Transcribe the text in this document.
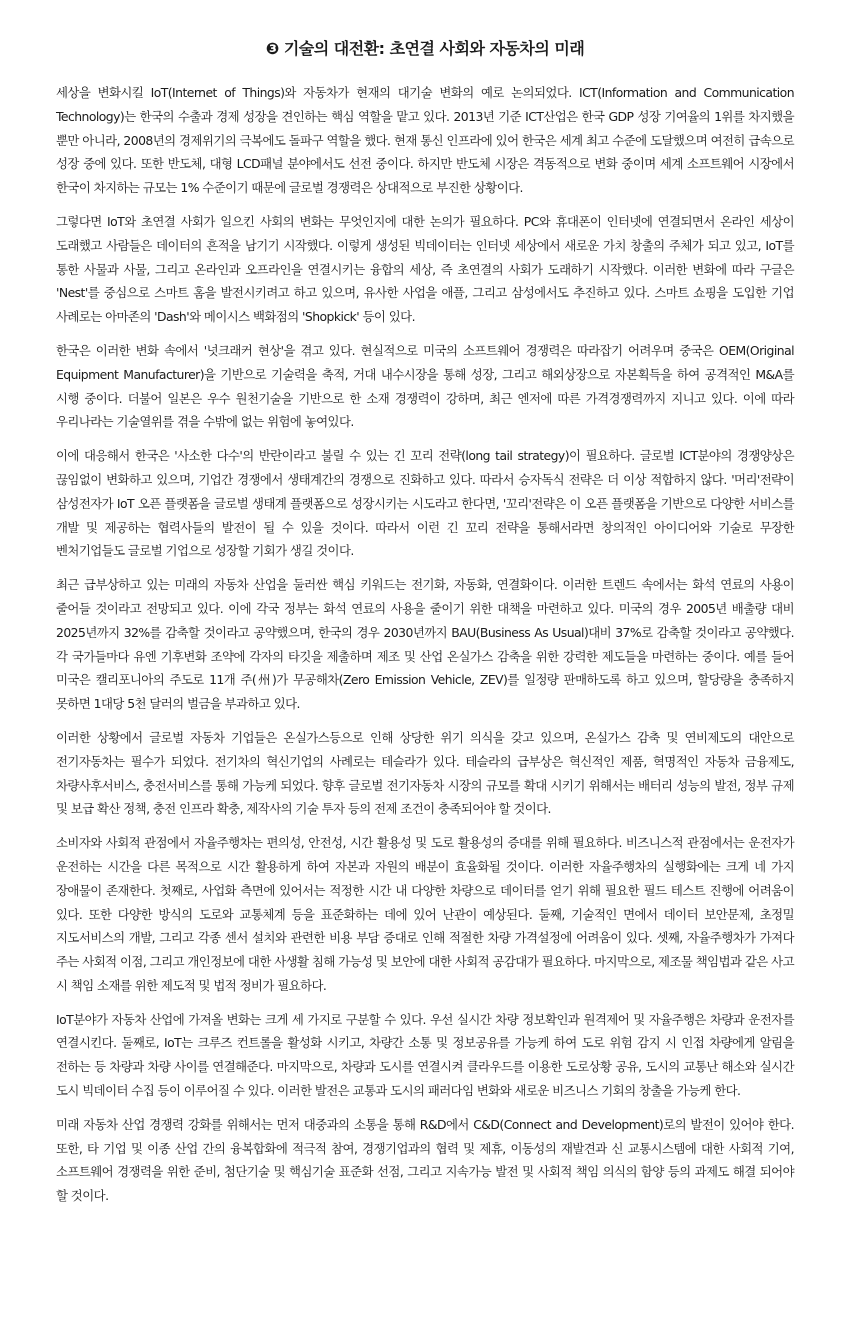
❸ 기술의 대전환: 초연결 사회와 자동차의 미래

세상을 변화시킬 IoT(Internet of Things)와 자동차가 현재의 대기술 변화의 예로 논의되었다. ICT(Information and Communication Technology)는 한국의 수출과 경제 성장을 견인하는 핵심 역할을 맡고 있다. 2013년 기준 ICT산업은 한국 GDP 성장 기여율의 1위를 차지했을 뿐만 아니라, 2008년의 경제위기의 극복에도 돌파구 역할을 했다. 현재 통신 인프라에 있어 한국은 세계 최고 수준에 도달했으며 여전히 급속으로 성장 중에 있다. 또한 반도체, 대형 LCD패널 분야에서도 선전 중이다. 하지만 반도체 시장은 격동적으로 변화 중이며 세계 소프트웨어 시장에서 한국이 차지하는 규모는 1% 수준이기 때문에 글로벌 경쟁력은 상대적으로 부진한 상황이다.

그렇다면 IoT와 초연결 사회가 일으킨 사회의 변화는 무엇인지에 대한 논의가 필요하다. PC와 휴대폰이 인터넷에 연결되면서 온라인 세상이 도래했고 사람들은 데이터의 흔적을 남기기 시작했다. 이렇게 생성된 빅데이터는 인터넷 세상에서 새로운 가치 창출의 주체가 되고 있고, IoT를 통한 사물과 사물, 그리고 온라인과 오프라인을 연결시키는 융합의 세상, 즉 초연결의 사회가 도래하기 시작했다. 이러한 변화에 따라 구글은 'Nest'를 중심으로 스마트 홈을 발전시키려고 하고 있으며, 유사한 사업을 애플, 그리고 삼성에서도 추진하고 있다. 스마트 쇼핑을 도입한 기업 사례로는 아마존의 'Dash'와 메이시스 백화점의 'Shopkick' 등이 있다.

한국은 이러한 변화 속에서 '넛크래커 현상'을 겪고 있다. 현실적으로 미국의 소프트웨어 경쟁력은 따라잡기 어려우며 중국은 OEM(Original Equipment Manufacturer)을 기반으로 기술력을 축적, 거대 내수시장을 통해 성장, 그리고 해외상장으로 자본획득을 하여 공격적인 M&A를 시행 중이다. 더불어 일본은 우수 원천기술을 기반으로 한 소재 경쟁력이 강하며, 최근 엔저에 따른 가격경쟁력까지 지니고 있다. 이에 따라 우리나라는 기술열위를 겪을 수밖에 없는 위험에 놓여있다.

이에 대응해서 한국은 '사소한 다수'의 반란이라고 불릴 수 있는 긴 꼬리 전략(long tail strategy)이 필요하다. 글로벌 ICT분야의 경쟁양상은 끊임없이 변화하고 있으며, 기업간 경쟁에서 생태계간의 경쟁으로 진화하고 있다. 따라서 승자독식 전략은 더 이상 적합하지 않다. '머리'전략이 삼성전자가 IoT 오픈 플랫폼을 글로벌 생태계 플랫폼으로 성장시키는 시도라고 한다면, '꼬리'전략은 이 오픈 플랫폼을 기반으로 다양한 서비스를 개발 및 제공하는 협력사들의 발전이 될 수 있을 것이다. 따라서 이런 긴 꼬리 전략을 통해서라면 창의적인 아이디어와 기술로 무장한 벤처기업들도 글로벌 기업으로 성장할 기회가 생길 것이다.

최근 급부상하고 있는 미래의 자동차 산업을 둘러싼 핵심 키워드는 전기화, 자동화, 연결화이다. 이러한 트렌드 속에서는 화석 연료의 사용이 줄어들 것이라고 전망되고 있다. 이에 각국 정부는 화석 연료의 사용을 줄이기 위한 대책을 마련하고 있다. 미국의 경우 2005년 배출량 대비 2025년까지 32%를 감축할 것이라고 공약했으며, 한국의 경우 2030년까지 BAU(Business As Usual)대비 37%로 감축할 것이라고 공약했다. 각 국가들마다 유엔 기후변화 조약에 각자의 타깃을 제출하며 제조 및 산업 온실가스 감축을 위한 강력한 제도들을 마련하는 중이다. 예를 들어 미국은 캘리포니아의 주도로 11개 주(州)가 무공해차(Zero Emission Vehicle, ZEV)를 일정량 판매하도록 하고 있으며, 할당량을 충족하지 못하면 1대당 5천 달러의 벌금을 부과하고 있다.

이러한 상황에서 글로벌 자동차 기업들은 온실가스등으로 인해 상당한 위기 의식을 갖고 있으며, 온실가스 감축 및 연비제도의 대안으로 전기자동차는 필수가 되었다. 전기차의 혁신기업의 사례로는 테슬라가 있다. 테슬라의 급부상은 혁신적인 제품, 혁명적인 자동차 금융제도, 차량사후서비스, 충전서비스를 통해 가능케 되었다. 향후 글로벌 전기자동차 시장의 규모를 확대 시키기 위해서는 배터리 성능의 발전, 정부 규제 및 보급 확산 정책, 충전 인프라 확충, 제작사의 기술 투자 등의 전제 조건이 충족되어야 할 것이다.

소비자와 사회적 관점에서 자율주행차는 편의성, 안전성, 시간 활용성 및 도로 활용성의 증대를 위해 필요하다. 비즈니스적 관점에서는 운전자가 운전하는 시간을 다른 목적으로 시간 활용하게 하여 자본과 자원의 배분이 효율화될 것이다. 이러한 자율주행차의 실행화에는 크게 네 가지 장애물이 존재한다. 첫째로, 사업화 측면에 있어서는 적정한 시간 내 다양한 차량으로 데이터를 얻기 위해 필요한 필드 테스트 진행에 어려움이 있다. 또한 다양한 방식의 도로와 교통체계 등을 표준화하는 데에 있어 난관이 예상된다. 둘째, 기술적인 면에서 데이터 보안문제, 초정밀 지도서비스의 개발, 그리고 각종 센서 설치와 관련한 비용 부담 증대로 인해 적절한 차량 가격설정에 어려움이 있다. 셋째, 자율주행차가 가져다 주는 사회적 이점, 그리고 개인정보에 대한 사생활 침해 가능성 및 보안에 대한 사회적 공감대가 필요하다. 마지막으로, 제조물 책임법과 같은 사고 시 책임 소재를 위한 제도적 및 법적 정비가 필요하다.

IoT분야가 자동차 산업에 가져올 변화는 크게 세 가지로 구분할 수 있다. 우선 실시간 차량 정보확인과 원격제어 및 자율주행은 차량과 운전자를 연결시킨다. 둘째로, IoT는 크루즈 컨트롤을 활성화 시키고, 차량간 소통 및 정보공유를 가능케 하여 도로 위험 감지 시 인접 차량에게 알림을 전하는 등 차량과 차량 사이를 연결해준다. 마지막으로, 차량과 도시를 연결시켜 클라우드를 이용한 도로상황 공유, 도시의 교통난 해소와 실시간 도시 빅데이터 수집 등이 이루어질 수 있다. 이러한 발전은 교통과 도시의 패러다임 변화와 새로운 비즈니스 기회의 창출을 가능케 한다.

미래 자동차 산업 경쟁력 강화를 위해서는 먼저 대중과의 소통을 통해 R&D에서 C&D(Connect and Development)로의 발전이 있어야 한다. 또한, 타 기업 및 이종 산업 간의 융복합화에 적극적 참여, 경쟁기업과의 협력 및 제휴, 이동성의 재발견과 신 교통시스템에 대한 사회적 기여, 소프트웨어 경쟁력을 위한 준비, 첨단기술 및 핵심기술 표준화 선점, 그리고 지속가능 발전 및 사회적 책임 의식의 함양 등의 과제도 해결 되어야 할 것이다.
